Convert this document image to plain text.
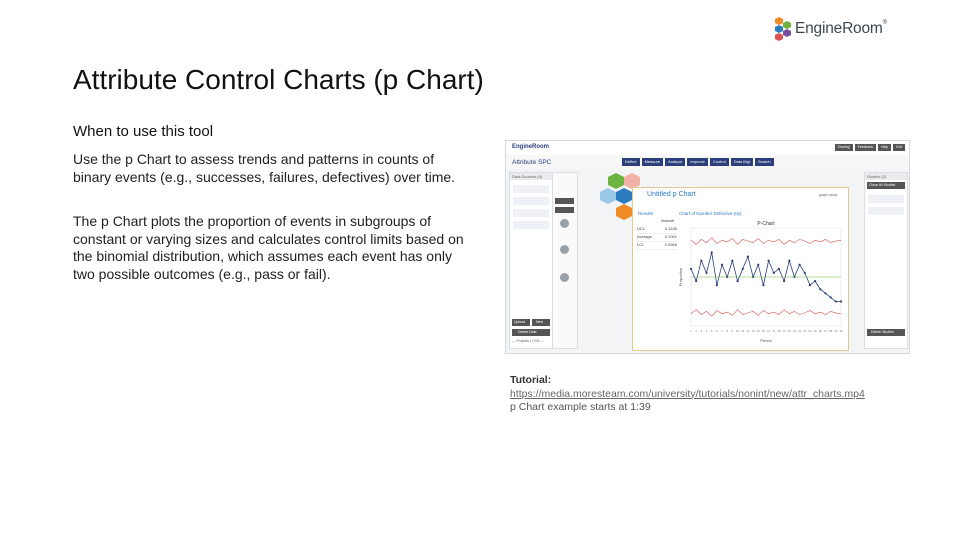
EngineRoom®
Attribute Control Charts (p Chart)
When to use this tool
Use the p Chart to assess trends and patterns in counts of binary events (e.g., successes, failures, defectives) over time.
The p Chart plots the proportion of events in subgroups of constant or varying sizes and calculates control limits based on the binomial distribution, which assumes each event has only two possible outcomes (e.g., pass or fail).
EngineRoom	Sharing	Feedback	Help	Exit
Attribute SPC	Define	Measure	Analyze	Improve	Control	Data Mgt	Search
Data Sources (4)
Upload	New
Delete Data
— Projects | CSN —
Untitled p Chart	graph setup
Results
Overall
UCL	0.1436
Average	0.1001
LCL	0.0566
Chart of Number Defective (np)
P-Chart
1 2 3 4 5 6 7 8 9 10 11 12 13 14 15 16 17 18 19 20 21 22 23 24 25 26 27 28 29 30
Period
Proportion
Studies (2)
Close All Studies
Delete Studies
Tutorial:
https://media.moresteam.com/university/tutorials/nonint/new/attr_charts.mp4
p Chart example starts at 1:39
